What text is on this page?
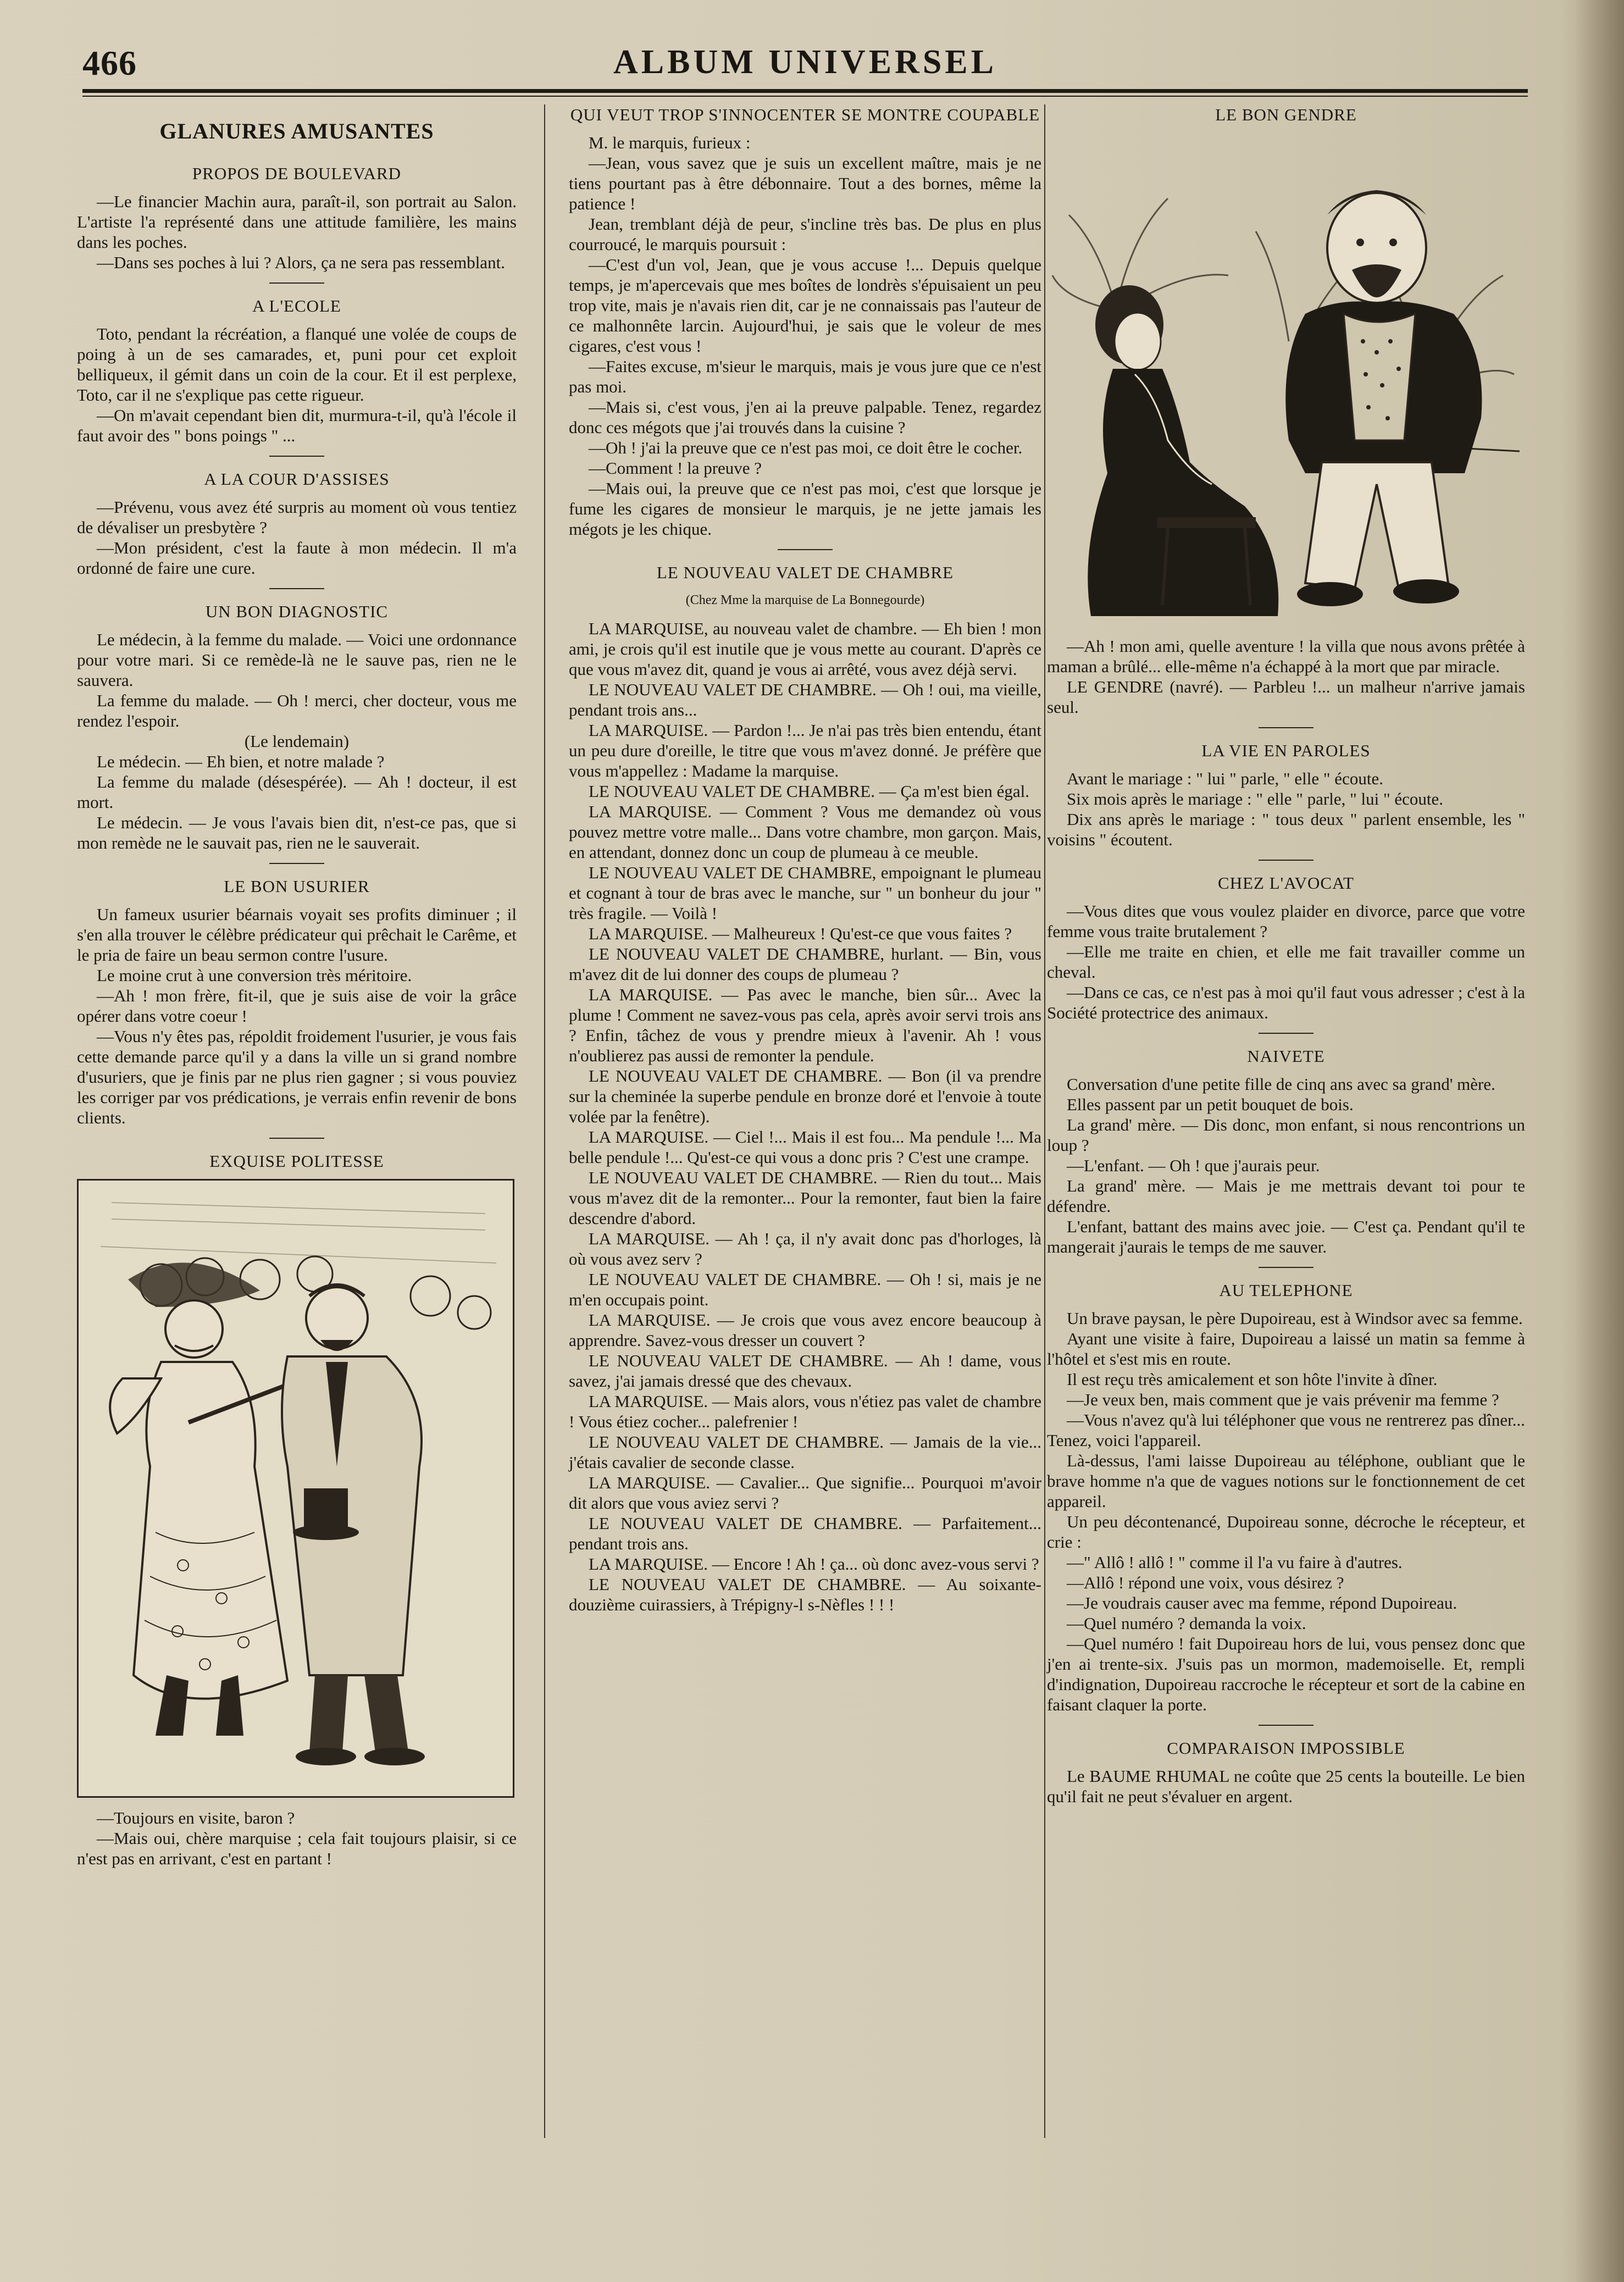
466	ALBUM UNIVERSEL
GLANURES AMUSANTES
PROPOS DE BOULEVARD

—Le financier Machin aura, paraît-il, son portrait au Salon. L'artiste l'a représenté dans une attitude familière, les mains dans les poches.

—Dans ses poches à lui ? Alors, ça ne sera pas ressemblant.

A L'ECOLE

Toto, pendant la récréation, a flanqué une volée de coups de poing à un de ses camarades, et, puni pour cet exploit belliqueux, il gémit dans un coin de la cour. Et il est perplexe, Toto, car il ne s'explique pas cette rigueur.

—On m'avait cependant bien dit, murmura-t-il, qu'à l'école il faut avoir des " bons poings " ...

A LA COUR D'ASSISES

—Prévenu, vous avez été surpris au moment où vous tentiez de dévaliser un presbytère ?

—Mon président, c'est la faute à mon médecin. Il m'a ordonné de faire une cure.

UN BON DIAGNOSTIC

Le médecin, à la femme du malade. — Voici une ordonnance pour votre mari. Si ce remède-là ne le sauve pas, rien ne le sauvera.

La femme du malade. — Oh ! merci, cher docteur, vous me rendez l'espoir.

(Le lendemain)

Le médecin. — Eh bien, et notre malade ?

La femme du malade (désespérée). — Ah ! docteur, il est mort.

Le médecin. — Je vous l'avais bien dit, n'est-ce pas, que si mon remède ne le sauvait pas, rien ne le sauverait.

LE BON USURIER

Un fameux usurier béarnais voyait ses profits diminuer ; il s'en alla trouver le célèbre prédicateur qui prêchait le Carême, et le pria de faire un beau sermon contre l'usure.

Le moine crut à une conversion très méritoire.

—Ah ! mon frère, fit-il, que je suis aise de voir la grâce opérer dans votre coeur !

—Vous n'y êtes pas, répoldit froidement l'usurier, je vous fais cette demande parce qu'il y a dans la ville un si grand nombre d'usuriers, que je finis par ne plus rien gagner ; si vous pouviez les corriger par vos prédications, je verrais enfin revenir de bons clients.

EXQUISE POLITESSE

—Toujours en visite, baron ?

—Mais oui, chère marquise ; cela fait toujours plaisir, si ce n'est pas en arrivant, c'est en partant !

QUI VEUT TROP S'INNOCENTER SE MONTRE COUPABLE

M. le marquis, furieux :

—Jean, vous savez que je suis un excellent maître, mais je ne tiens pourtant pas à être débonnaire. Tout a des bornes, même la patience !

Jean, tremblant déjà de peur, s'incline très bas. De plus en plus courroucé, le marquis poursuit :

—C'est d'un vol, Jean, que je vous accuse !... Depuis quelque temps, je m'apercevais que mes boîtes de londrès s'épuisaient un peu trop vite, mais je n'avais rien dit, car je ne connaissais pas l'auteur de ce malhonnête larcin. Aujourd'hui, je sais que le voleur de mes cigares, c'est vous !

—Faites excuse, m'sieur le marquis, mais je vous jure que ce n'est pas moi.

—Mais si, c'est vous, j'en ai la preuve palpable. Tenez, regardez donc ces mégots que j'ai trouvés dans la cuisine ?

—Oh ! j'ai la preuve que ce n'est pas moi, ce doit être le cocher.

—Comment ! la preuve ?

—Mais oui, la preuve que ce n'est pas moi, c'est que lorsque je fume les cigares de monsieur le marquis, je ne jette jamais les mégots je les chique.

LE NOUVEAU VALET DE CHAMBRE
(Chez Mme la marquise de La Bonnegourde)

LA MARQUISE, au nouveau valet de chambre. — Eh bien ! mon ami, je crois qu'il est inutile que je vous mette au courant. D'après ce que vous m'avez dit, quand je vous ai arrêté, vous avez déjà servi.

LE NOUVEAU VALET DE CHAMBRE. — Oh ! oui, ma vieille, pendant trois ans...

LA MARQUISE. — Pardon !... Je n'ai pas très bien entendu, étant un peu dure d'oreille, le titre que vous m'avez donné. Je préfère que vous m'appellez : Madame la marquise.

LE NOUVEAU VALET DE CHAMBRE. — Ça m'est bien égal.

LA MARQUISE. — Comment ? Vous me demandez où vous pouvez mettre votre malle... Dans votre chambre, mon garçon. Mais, en attendant, donnez donc un coup de plumeau à ce meuble.

LE NOUVEAU VALET DE CHAMBRE, empoignant le plumeau et cognant à tour de bras avec le manche, sur " un bonheur du jour " très fragile. — Voilà !

LA MARQUISE. — Malheureux ! Qu'est-ce que vous faites ?

LE NOUVEAU VALET DE CHAMBRE, hurlant. — Bin, vous m'avez dit de lui donner des coups de plumeau ?

LA MARQUISE. — Pas avec le manche, bien sûr... Avec la plume ! Comment ne savez-vous pas cela, après avoir servi trois ans ? Enfin, tâchez de vous y prendre mieux à l'avenir. Ah ! vous n'oublierez pas aussi de remonter la pendule.

LE NOUVEAU VALET DE CHAMBRE. — Bon (il va prendre sur la cheminée la superbe pendule en bronze doré et l'envoie à toute volée par la fenêtre).

LA MARQUISE. — Ciel !... Mais il est fou... Ma pendule !... Ma belle pendule !... Qu'est-ce qui vous a donc pris ? C'est une crampe.

LE NOUVEAU VALET DE CHAMBRE. — Rien du tout... Mais vous m'avez dit de la remonter... Pour la remonter, faut bien la faire descendre d'abord.

LA MARQUISE. — Ah ! ça, il n'y avait donc pas d'horloges, là où vous avez serv ?

LE NOUVEAU VALET DE CHAMBRE. — Oh ! si, mais je ne m'en occupais point.

LA MARQUISE. — Je crois que vous avez encore beaucoup à apprendre. Savez-vous dresser un couvert ?

LE NOUVEAU VALET DE CHAMBRE. — Ah ! dame, vous savez, j'ai jamais dressé que des chevaux.

LA MARQUISE. — Mais alors, vous n'étiez pas valet de chambre ! Vous étiez cocher... palefrenier !

LE NOUVEAU VALET DE CHAMBRE. — Jamais de la vie... j'étais cavalier de seconde classe.

LA MARQUISE. — Cavalier... Que signifie... Pourquoi m'avoir dit alors que vous aviez servi ?

LE NOUVEAU VALET DE CHAMBRE. — Parfaitement... pendant trois ans.

LA MARQUISE. — Encore ! Ah ! ça... où donc avez-vous servi ?

LE NOUVEAU VALET DE CHAMBRE. — Au soixante-douzième cuirassiers, à Trépigny-l s-Nèfles ! ! !

LE BON GENDRE

—Ah ! mon ami, quelle aventure ! la villa que nous avons prêtée à maman a brûlé... elle-même n'a échappé à la mort que par miracle.

LE GENDRE (navré). — Parbleu !... un malheur n'arrive jamais seul.

LA VIE EN PAROLES

Avant le mariage : " lui " parle, " elle " écoute.

Six mois après le mariage : " elle " parle, " lui " écoute.

Dix ans après le mariage : " tous deux " parlent ensemble, les " voisins " écoutent.

CHEZ L'AVOCAT

—Vous dites que vous voulez plaider en divorce, parce que votre femme vous traite brutalement ?

—Elle me traite en chien, et elle me fait travailler comme un cheval.

—Dans ce cas, ce n'est pas à moi qu'il faut vous adresser ; c'est à la Société protectrice des animaux.

NAIVETE

Conversation d'une petite fille de cinq ans avec sa grand' mère.

Elles passent par un petit bouquet de bois.

La grand' mère. — Dis donc, mon enfant, si nous rencontrions un loup ?

—L'enfant. — Oh ! que j'aurais peur.

La grand' mère. — Mais je me mettrais devant toi pour te défendre.

L'enfant, battant des mains avec joie. — C'est ça. Pendant qu'il te mangerait j'aurais le temps de me sauver.

AU TELEPHONE

Un brave paysan, le père Dupoireau, est à Windsor avec sa femme.

Ayant une visite à faire, Dupoireau a laissé un matin sa femme à l'hôtel et s'est mis en route.

Il est reçu très amicalement et son hôte l'invite à dîner.

—Je veux ben, mais comment que je vais prévenir ma femme ?

—Vous n'avez qu'à lui téléphoner que vous ne rentrerez pas dîner... Tenez, voici l'appareil.

Là-dessus, l'ami laisse Dupoireau au téléphone, oubliant que le brave homme n'a que de vagues notions sur le fonctionnement de cet appareil.

Un peu décontenancé, Dupoireau sonne, décroche le récepteur, et crie :

—" Allô ! allô ! " comme il l'a vu faire à d'autres.

—Allô ! répond une voix, vous désirez ?

—Je voudrais causer avec ma femme, répond Dupoireau.

—Quel numéro ? demanda la voix.

—Quel numéro ! fait Dupoireau hors de lui, vous pensez donc que j'en ai trente-six. J'suis pas un mormon, mademoiselle. Et, rempli d'indignation, Dupoireau raccroche le récepteur et sort de la cabine en faisant claquer la porte.

COMPARAISON IMPOSSIBLE

Le BAUME RHUMAL ne coûte que 25 cents la bouteille. Le bien qu'il fait ne peut s'évaluer en argent.
